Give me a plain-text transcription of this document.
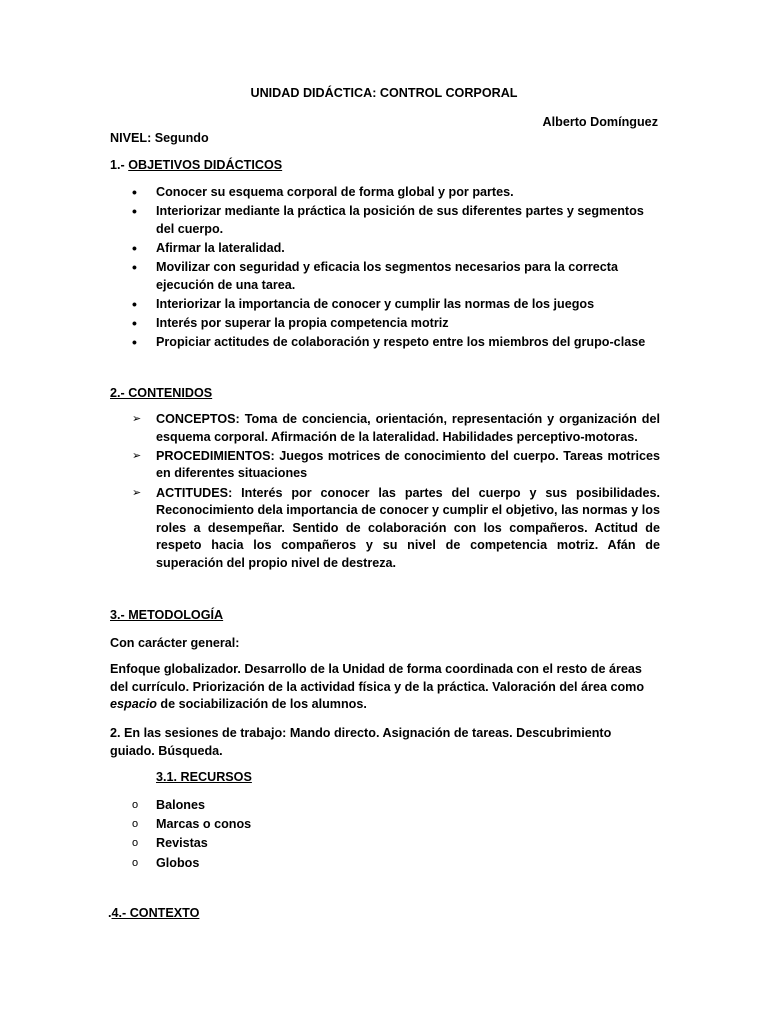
UNIDAD DIDÁCTICA: CONTROL CORPORAL
Alberto Domínguez
NIVEL: Segundo
1.- OBJETIVOS DIDÁCTICOS
•	Conocer su esquema corporal de forma global y por partes.
•	Interiorizar mediante la práctica la posición de sus diferentes partes y segmentos del cuerpo.
•	Afirmar la lateralidad.
•	Movilizar con seguridad y eficacia los segmentos necesarios para la correcta ejecución de una tarea.
•	Interiorizar la importancia de conocer y cumplir las normas de los juegos
•	Interés por superar la propia competencia motriz
•	Propiciar actitudes de colaboración y respeto entre los miembros del grupo-clase
2.- CONTENIDOS
➢	CONCEPTOS: Toma de conciencia, orientación, representación y organización del esquema corporal. Afirmación de la lateralidad. Habilidades perceptivo-motoras.
➢	PROCEDIMIENTOS: Juegos motrices de conocimiento del cuerpo. Tareas motrices en diferentes situaciones
➢	ACTITUDES: Interés por conocer las partes del cuerpo y sus posibilidades. Reconocimiento dela importancia de conocer y cumplir el objetivo, las normas y los roles a desempeñar. Sentido de colaboración con los compañeros. Actitud de respeto hacia los compañeros y su nivel de competencia motriz. Afán de superación del propio nivel de destreza.
3.- METODOLOGÍA
Con carácter general:

Enfoque globalizador. Desarrollo de la Unidad de forma coordinada con el resto de áreas del currículo. Priorización de la actividad física y de la práctica. Valoración del área como espacio de sociabilización de los alumnos.

2. En las sesiones de trabajo: Mando directo. Asignación de tareas. Descubrimiento guiado. Búsqueda.

3.1. RECURSOS
o	Balones
o	Marcas o conos
o	Revistas
o	Globos
.4.- CONTEXTO
